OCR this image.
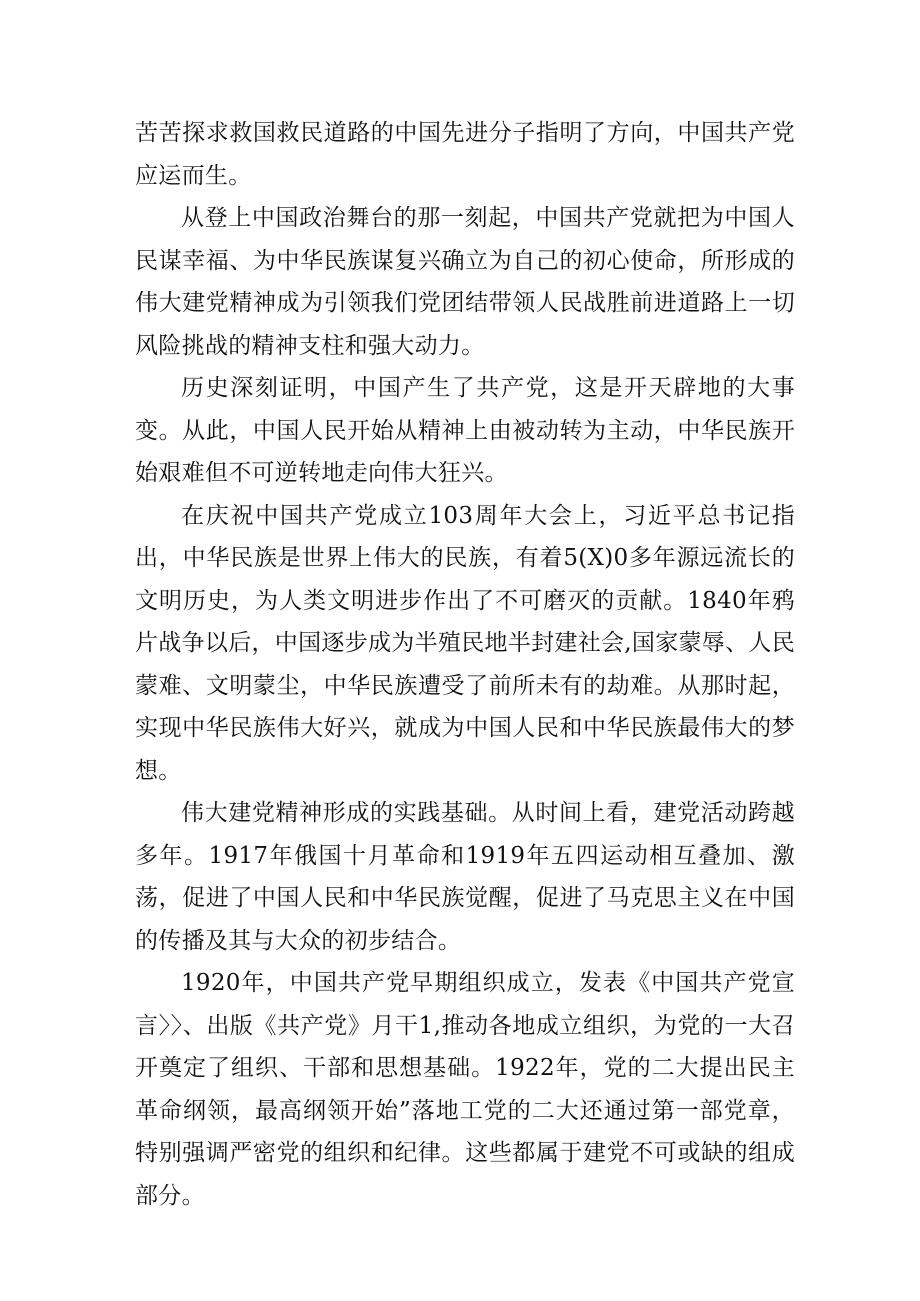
苦苦探求救国救民道路的中国先进分子指明了方向，中国共产党应运而生。

从登上中国政治舞台的那一刻起，中国共产党就把为中国人民谋幸福、为中华民族谋复兴确立为自己的初心使命，所形成的伟大建党精神成为引领我们党团结带领人民战胜前进道路上一切风险挑战的精神支柱和强大动力。

历史深刻证明，中国产生了共产党，这是开天辟地的大事变。从此，中国人民开始从精神上由被动转为主动，中华民族开始艰难但不可逆转地走向伟大狂兴。

在庆祝中国共产党成立103周年大会上，习近平总书记指出，中华民族是世界上伟大的民族，有着5(X)0多年源远流长的文明历史，为人类文明进步作出了不可磨灭的贡献。1840年鸦片战争以后，中国逐步成为半殖民地半封建社会,国家蒙辱、人民蒙难、文明蒙尘，中华民族遭受了前所未有的劫难。从那时起，实现中华民族伟大好兴，就成为中国人民和中华民族最伟大的梦想。

伟大建党精神形成的实践基础。从时间上看，建党活动跨越多年。1917年俄国十月革命和1919年五四运动相互叠加、激荡，促进了中国人民和中华民族觉醒，促进了马克思主义在中国的传播及其与大众的初步结合。

1920年，中国共产党早期组织成立，发表《中国共产党宣言〉〉、出版《共产党》月干1,推动各地成立组织，为党的一大召开奠定了组织、干部和思想基础。1922年，党的二大提出民主革命纲领，最高纲领开始”落地工党的二大还通过第一部党章，特别强调严密党的组织和纪律。这些都属于建党不可或缺的组成部分。
